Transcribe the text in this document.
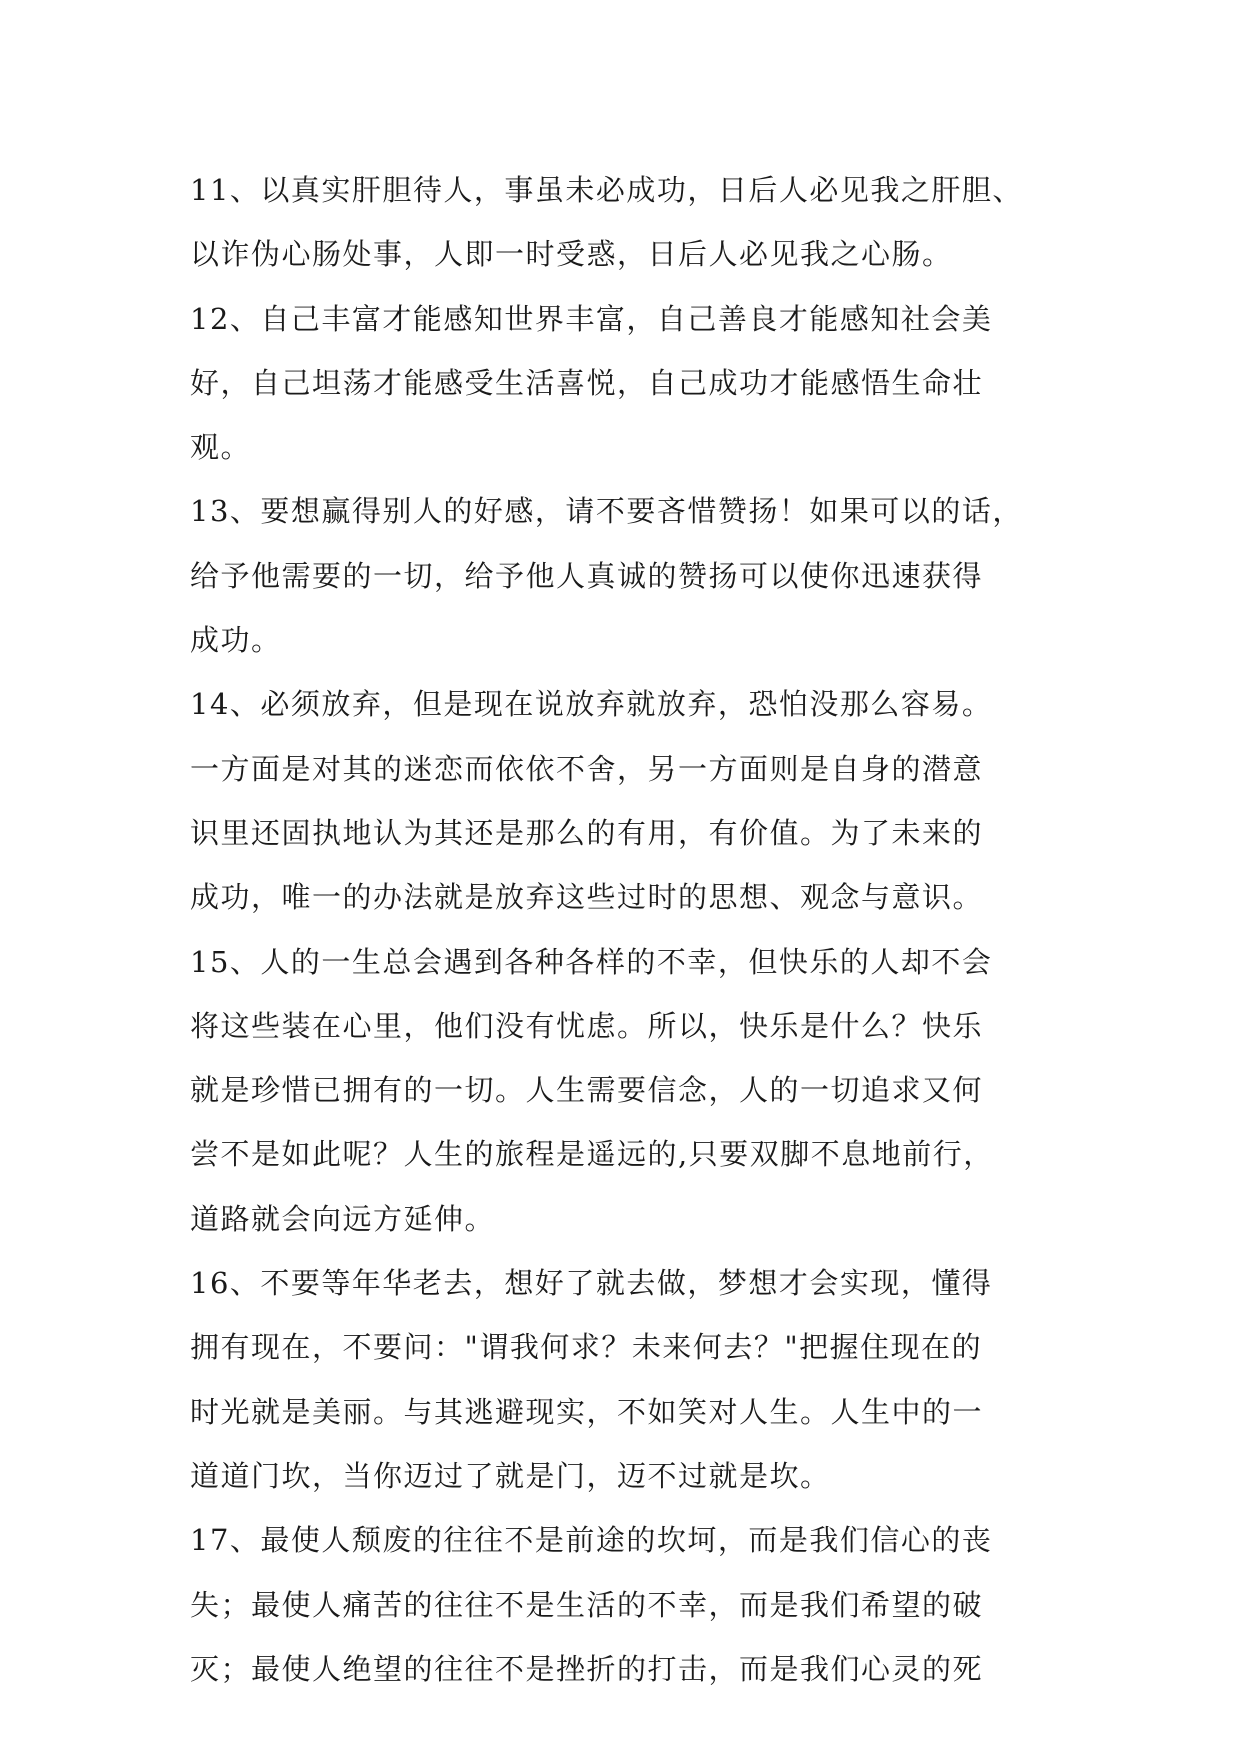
11、以真实肝胆待人，事虽未必成功，日后人必见我之肝胆、
以诈伪心肠处事，人即一时受惑，日后人必见我之心肠。
12、自己丰富才能感知世界丰富，自己善良才能感知社会美
好，自己坦荡才能感受生活喜悦，自己成功才能感悟生命壮
观。
13、要想赢得别人的好感，请不要吝惜赞扬！如果可以的话，
给予他需要的一切，给予他人真诚的赞扬可以使你迅速获得
成功。
14、必须放弃，但是现在说放弃就放弃，恐怕没那么容易。
一方面是对其的迷恋而依依不舍，另一方面则是自身的潜意
识里还固执地认为其还是那么的有用，有价值。为了未来的
成功，唯一的办法就是放弃这些过时的思想、观念与意识。
15、人的一生总会遇到各种各样的不幸，但快乐的人却不会
将这些装在心里，他们没有忧虑。所以，快乐是什么？快乐
就是珍惜已拥有的一切。人生需要信念，人的一切追求又何
尝不是如此呢？人生的旅程是遥远的,只要双脚不息地前行，
道路就会向远方延伸。
16、不要等年华老去，想好了就去做，梦想才会实现，懂得
拥有现在，不要问："谓我何求？未来何去？"把握住现在的
时光就是美丽。与其逃避现实，不如笑对人生。人生中的一
道道门坎，当你迈过了就是门，迈不过就是坎。
17、最使人颓废的往往不是前途的坎坷，而是我们信心的丧
失；最使人痛苦的往往不是生活的不幸，而是我们希望的破
灭；最使人绝望的往往不是挫折的打击，而是我们心灵的死
